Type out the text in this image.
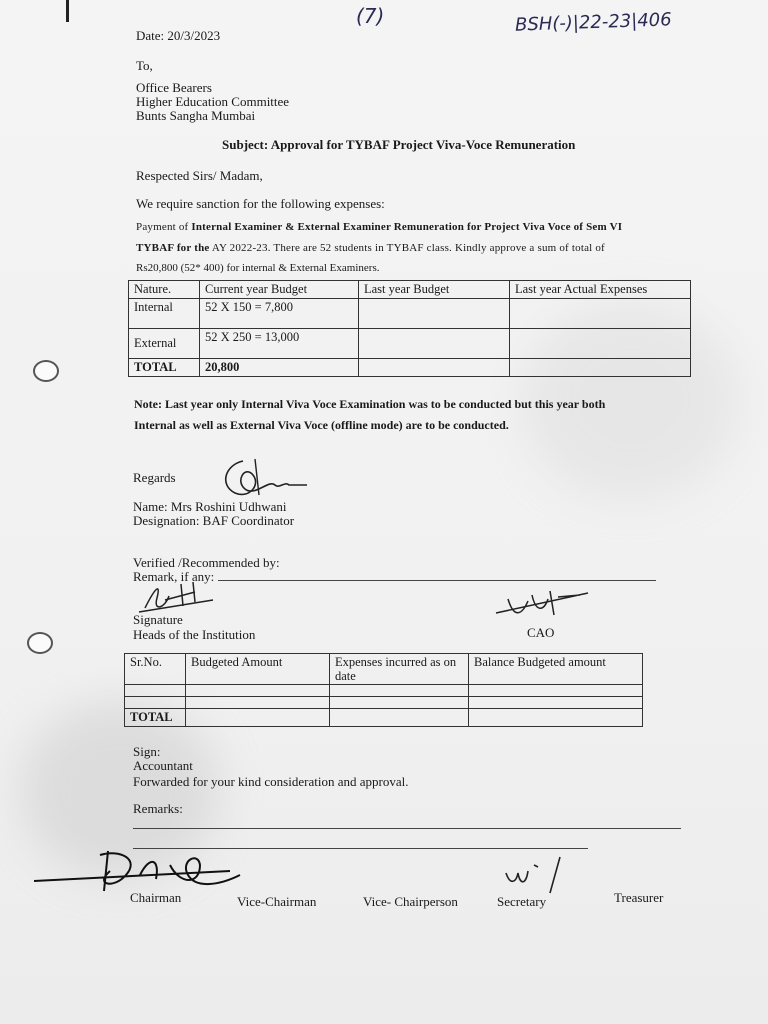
(7)	BSH(-)|22-23|406
Date: 20/3/2023
To,
Office Bearers
Higher Education Committee
Bunts Sangha Mumbai
Subject: Approval for TYBAF Project Viva-Voce Remuneration
Respected Sirs/ Madam,
We require sanction for the following expenses:
Payment of Internal Examiner & External Examiner Remuneration for Project Viva Voce of Sem VI
TYBAF for the AY 2022-23. There are 52 students in TYBAF class. Kindly approve a sum of total of
Rs20,800 (52* 400) for internal & External Examiners.
Nature.	Current year Budget	Last year Budget	Last year Actual Expenses
Internal	52 X 150 = 7,800		
External	52 X 250 = 13,000		
TOTAL	20,800		
Note: Last year only Internal Viva Voce Examination was to be conducted but this year both
Internal as well as External Viva Voce (offline mode) are to be conducted.
Regards
Name: Mrs Roshini Udhwani
Designation: BAF Coordinator
Verified /Recommended by:
Remark, if any:
Signature
Heads of the Institution	CAO
Sr.No.	Budgeted Amount	Expenses incurred as on date	Balance Budgeted amount

TOTAL			
Sign:
Accountant
Forwarded for your kind consideration and approval.
Remarks:
Chairman	Vice-Chairman	Vice- Chairperson	Secretary	Treasurer
